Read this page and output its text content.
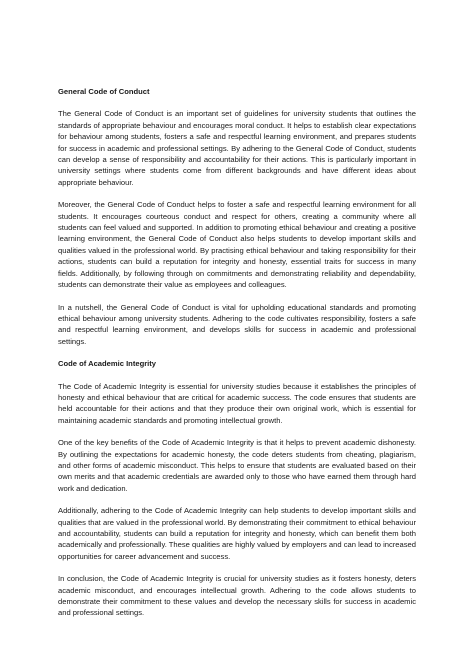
General Code of Conduct

The General Code of Conduct is an important set of guidelines for university students that outlines the standards of appropriate behaviour and encourages moral conduct. It helps to establish clear expectations for behaviour among students, fosters a safe and respectful learning environment, and prepares students for success in academic and professional settings. By adhering to the General Code of Conduct, students can develop a sense of responsibility and accountability for their actions. This is particularly important in university settings where students come from different backgrounds and have different ideas about appropriate behaviour.

Moreover, the General Code of Conduct helps to foster a safe and respectful learning environment for all students. It encourages courteous conduct and respect for others, creating a community where all students can feel valued and supported. In addition to promoting ethical behaviour and creating a positive learning environment, the General Code of Conduct also helps students to develop important skills and qualities valued in the professional world. By practising ethical behaviour and taking responsibility for their actions, students can build a reputation for integrity and honesty, essential traits for success in many fields. Additionally, by following through on commitments and demonstrating reliability and dependability, students can demonstrate their value as employees and colleagues.

In a nutshell, the General Code of Conduct is vital for upholding educational standards and promoting ethical behaviour among university students. Adhering to the code cultivates responsibility, fosters a safe and respectful learning environment, and develops skills for success in academic and professional settings.

Code of Academic Integrity

The Code of Academic Integrity is essential for university studies because it establishes the principles of honesty and ethical behaviour that are critical for academic success. The code ensures that students are held accountable for their actions and that they produce their own original work, which is essential for maintaining academic standards and promoting intellectual growth.

One of the key benefits of the Code of Academic Integrity is that it helps to prevent academic dishonesty. By outlining the expectations for academic honesty, the code deters students from cheating, plagiarism, and other forms of academic misconduct. This helps to ensure that students are evaluated based on their own merits and that academic credentials are awarded only to those who have earned them through hard work and dedication.

Additionally, adhering to the Code of Academic Integrity can help students to develop important skills and qualities that are valued in the professional world. By demonstrating their commitment to ethical behaviour and accountability, students can build a reputation for integrity and honesty, which can benefit them both academically and professionally. These qualities are highly valued by employers and can lead to increased opportunities for career advancement and success.

In conclusion, the Code of Academic Integrity is crucial for university studies as it fosters honesty, deters academic misconduct, and encourages intellectual growth. Adhering to the code allows students to demonstrate their commitment to these values and develop the necessary skills for success in academic and professional settings.
